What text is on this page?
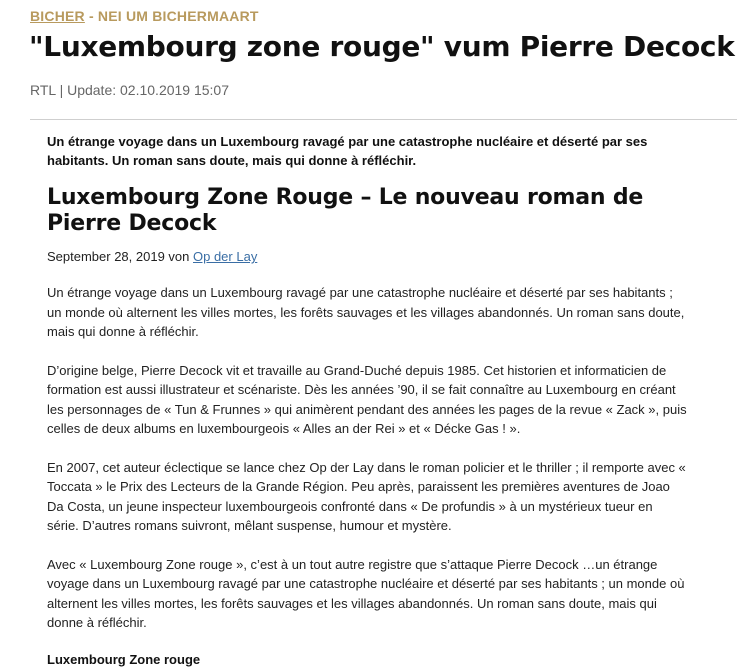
BICHER - NEI UM BICHERMAART
"Luxembourg zone rouge" vum Pierre Decock
RTL | Update: 02.10.2019 15:07

Un étrange voyage dans un Luxembourg ravagé par une catastrophe nucléaire et déserté par ses habitants. Un roman sans doute, mais qui donne à réfléchir.

Luxembourg Zone Rouge – Le nouveau roman de Pierre Decock

September 28, 2019 von Op der Lay

Un étrange voyage dans un Luxembourg ravagé par une catastrophe nucléaire et déserté par ses habitants ; un monde où alternent les villes mortes, les forêts sauvages et les villages abandonnés. Un roman sans doute, mais qui donne à réfléchir.

D’origine belge, Pierre Decock vit et travaille au Grand-Duché depuis 1985. Cet historien et informaticien de formation est aussi illustrateur et scénariste. Dès les années ’90, il se fait connaître au Luxembourg en créant les personnages de « Tun & Frunnes » qui animèrent pendant des années les pages de la revue « Zack », puis celles de deux albums en luxembourgeois « Alles an der Rei » et « Décke Gas ! ».

En 2007, cet auteur éclectique se lance chez Op der Lay dans le roman policier et le thriller ; il remporte avec « Toccata » le Prix des Lecteurs de la Grande Région. Peu après, paraissent les premières aventures de Joao Da Costa, un jeune inspecteur luxembourgeois confronté dans « De profundis » à un mystérieux tueur en série. D’autres romans suivront, mêlant suspense, humour et mystère.

Avec « Luxembourg Zone rouge », c’est à un tout autre registre que s’attaque Pierre Decock …un étrange voyage dans un Luxembourg ravagé par une catastrophe nucléaire et déserté par ses habitants ; un monde où alternent les villes mortes, les forêts sauvages et les villages abandonnés. Un roman sans doute, mais qui donne à réfléchir.

Luxembourg Zone rouge
